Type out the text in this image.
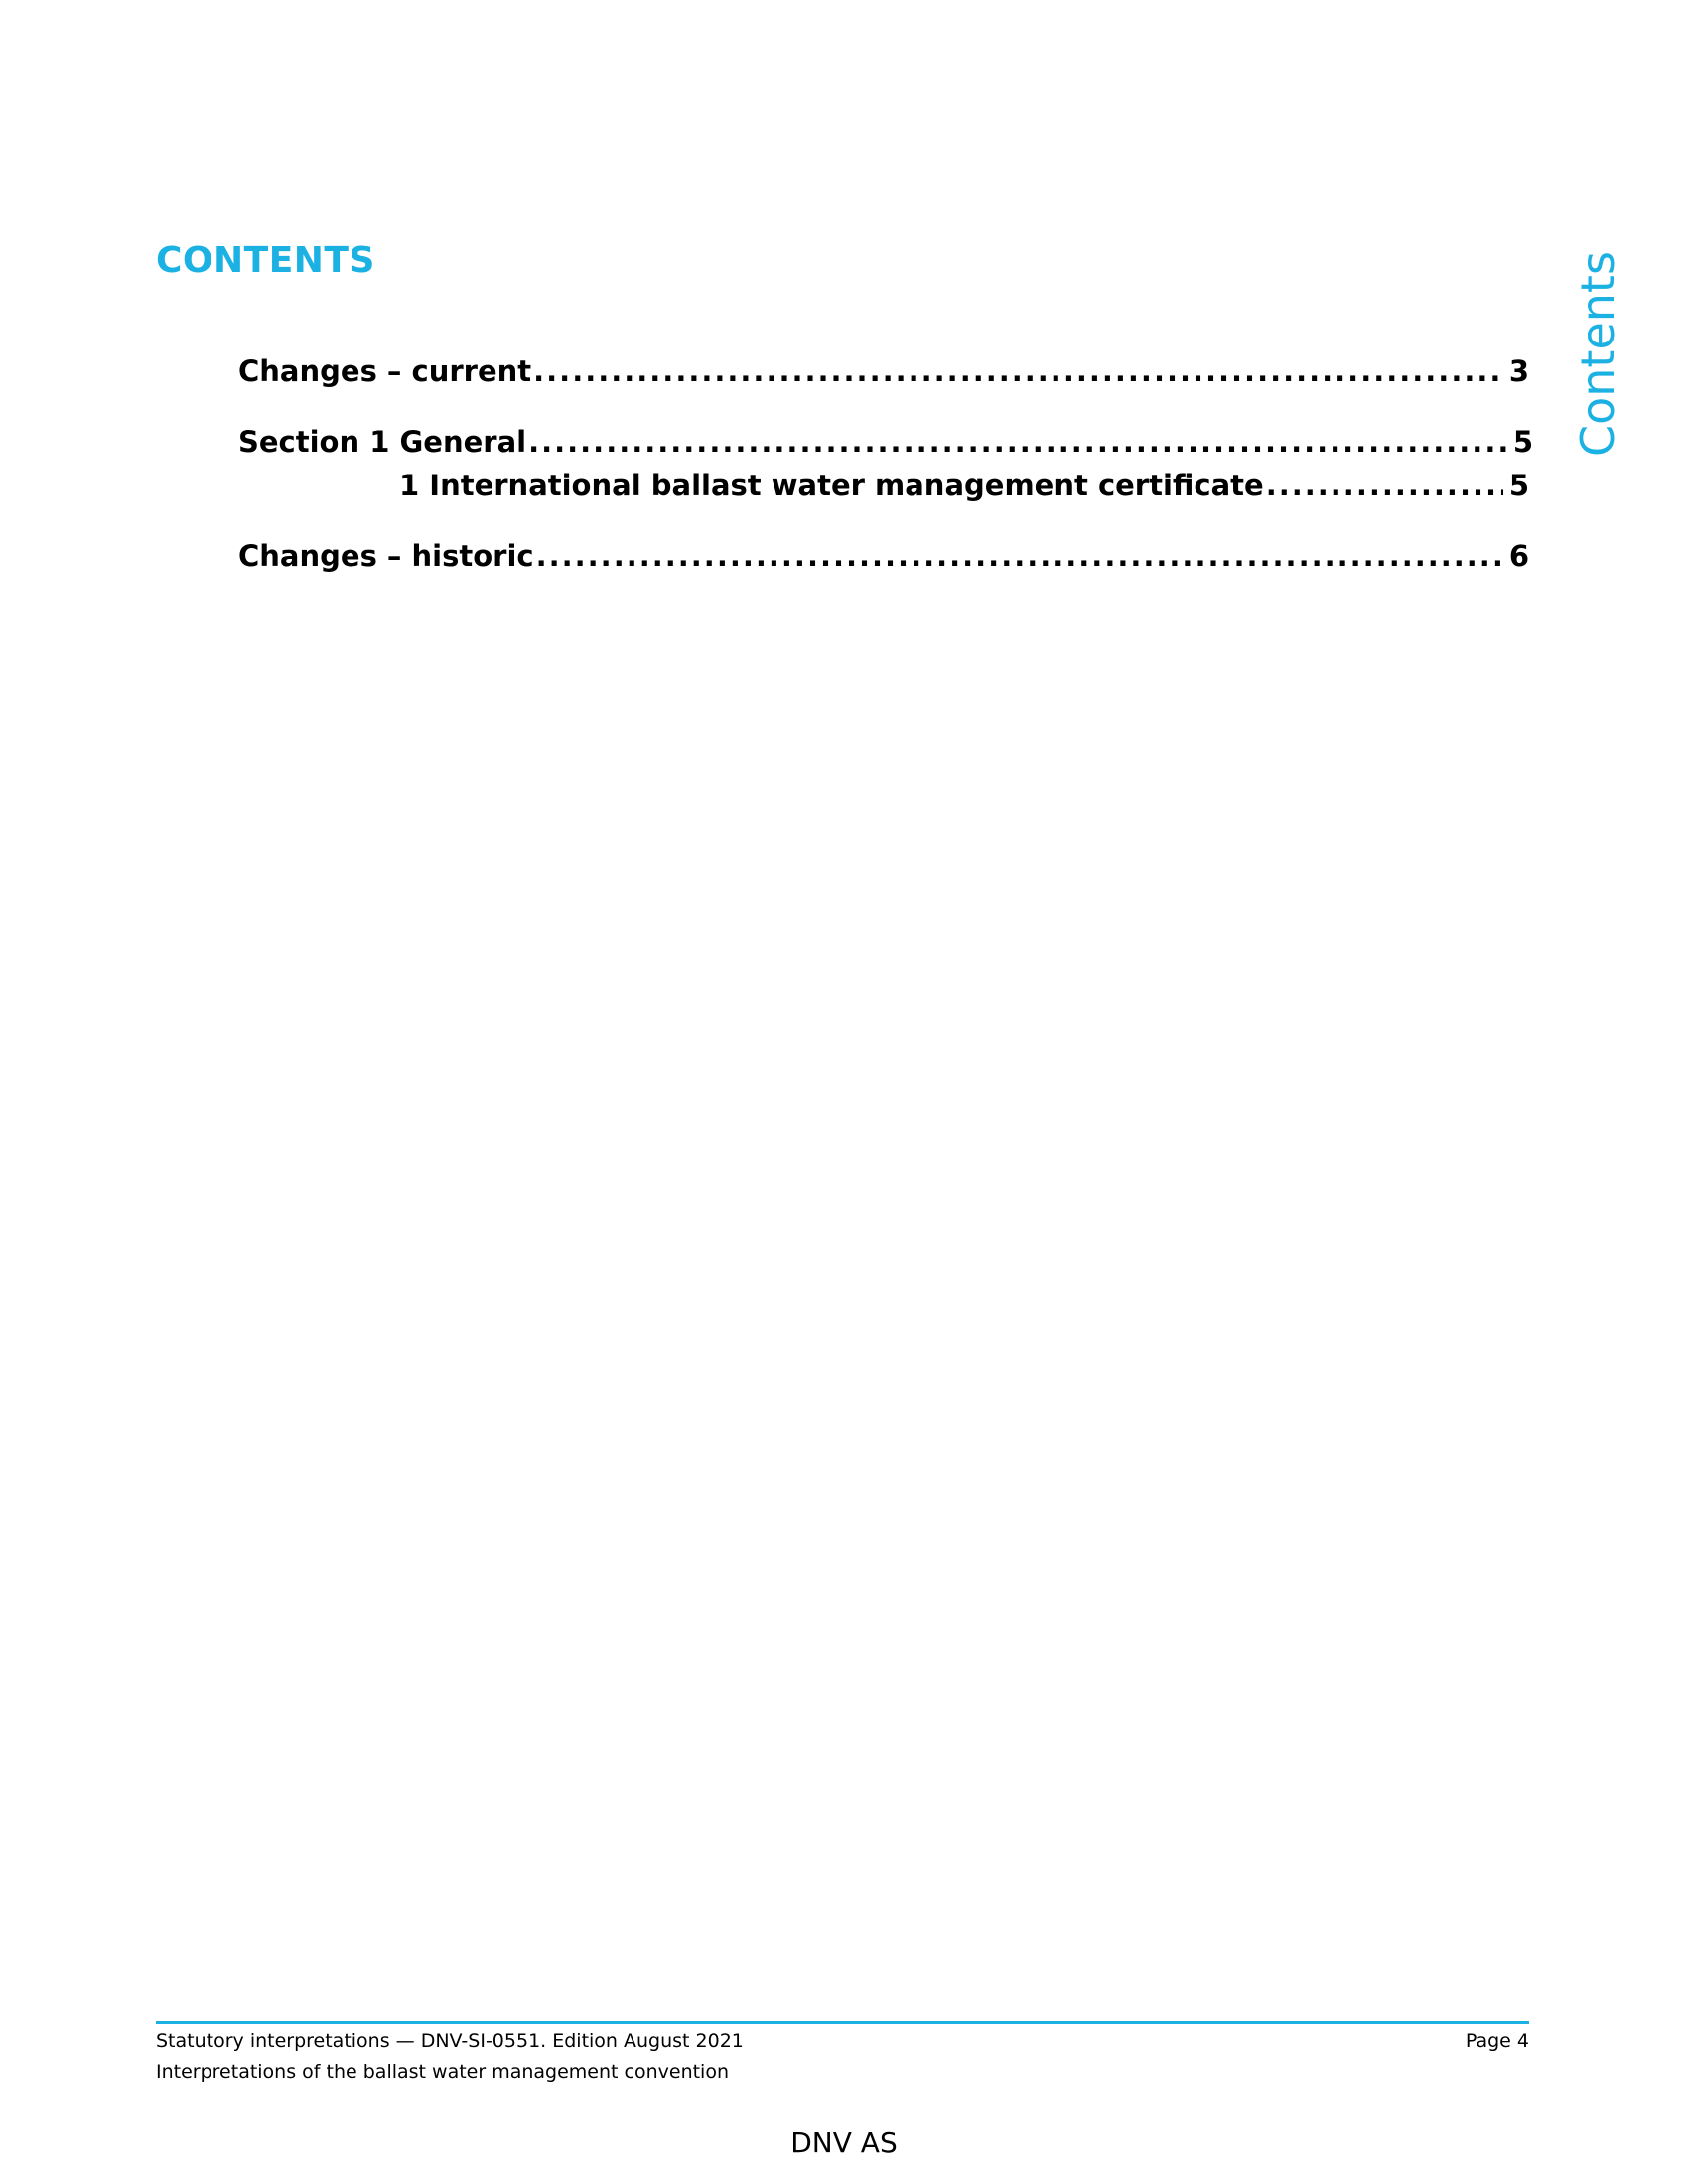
CONTENTS	Contents
Changes – current .....	3
Section 1 General .....	5
1 International ballast water management certificate .....	5
Changes – historic .....	6
Statutory interpretations — DNV-SI-0551. Edition August 2021
Interpretations of the ballast water management convention
Page 4
DNV AS
